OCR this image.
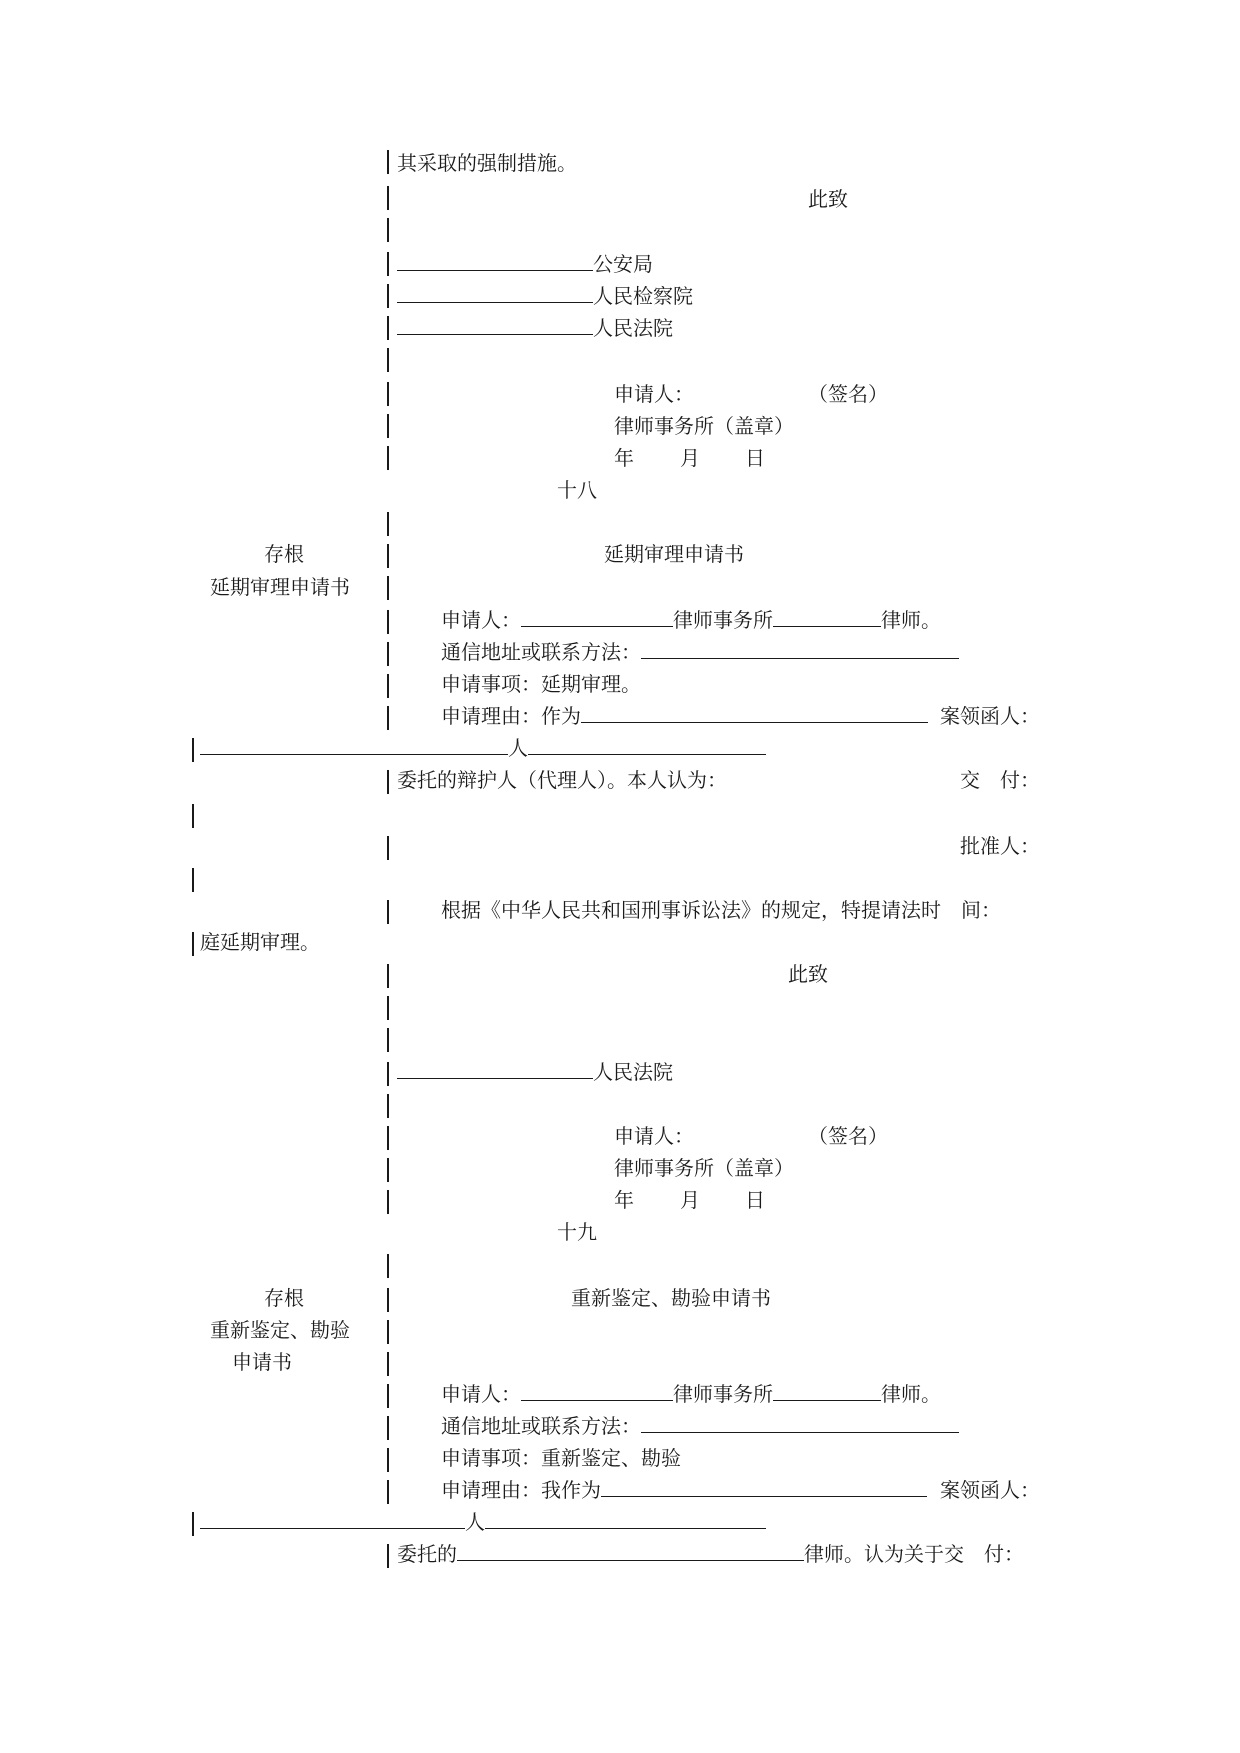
其采取的强制措施。
此致
公安局
人民检察院
人民法院
申请人：	（签名）
律师事务所（盖章）
年 月 日
十八
存根
延期审理申请书
延期审理申请书
申请人：	律师事务所	律师。
通信地址或联系方法：
申请事项：延期审理。
申请理由：作为	案领函人：
人
委托的辩护人（代理人）。本人认为：	交　付：
批准人：
根据《中华人民共和国刑事诉讼法》的规定，特提请法时　间：
庭延期审理。
此致
人民法院
申请人：	（签名）
律师事务所（盖章）
年 月 日
十九
存根
重新鉴定、勘验
申请书
重新鉴定、勘验申请书
申请人：	律师事务所	律师。
通信地址或联系方法：
申请事项：重新鉴定、勘验
申请理由：我作为	案领函人：
人
委托的	律师。认为关于交　付：
